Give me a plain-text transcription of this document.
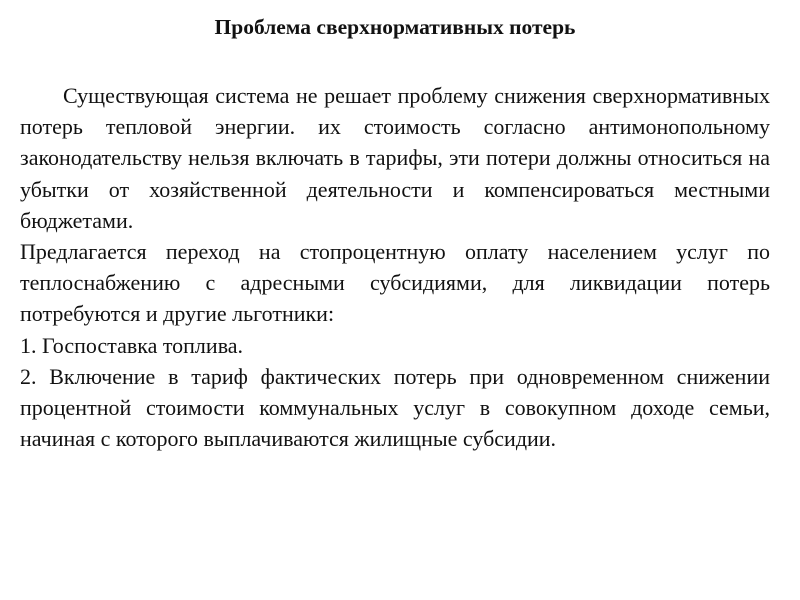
Проблема сверхнормативных потерь

Существующая система не решает проблему снижения сверхнормативных потерь тепловой энергии. их стоимость согласно антимонопольному законодательству нельзя включать в тарифы, эти потери должны относиться на убытки от хозяйственной деятельности и компенсироваться местными бюджетами.

Предлагается переход на стопроцентную оплату населением услуг по теплоснабжению с адресными субсидиями, для ликвидации потерь потребуются и другие льготники:

1. Госпоставка топлива.

2. Включение в тариф фактических потерь при одновременном снижении процентной стоимости коммунальных услуг в совокупном доходе семьи, начиная с которого выплачиваются жилищные субсидии.
